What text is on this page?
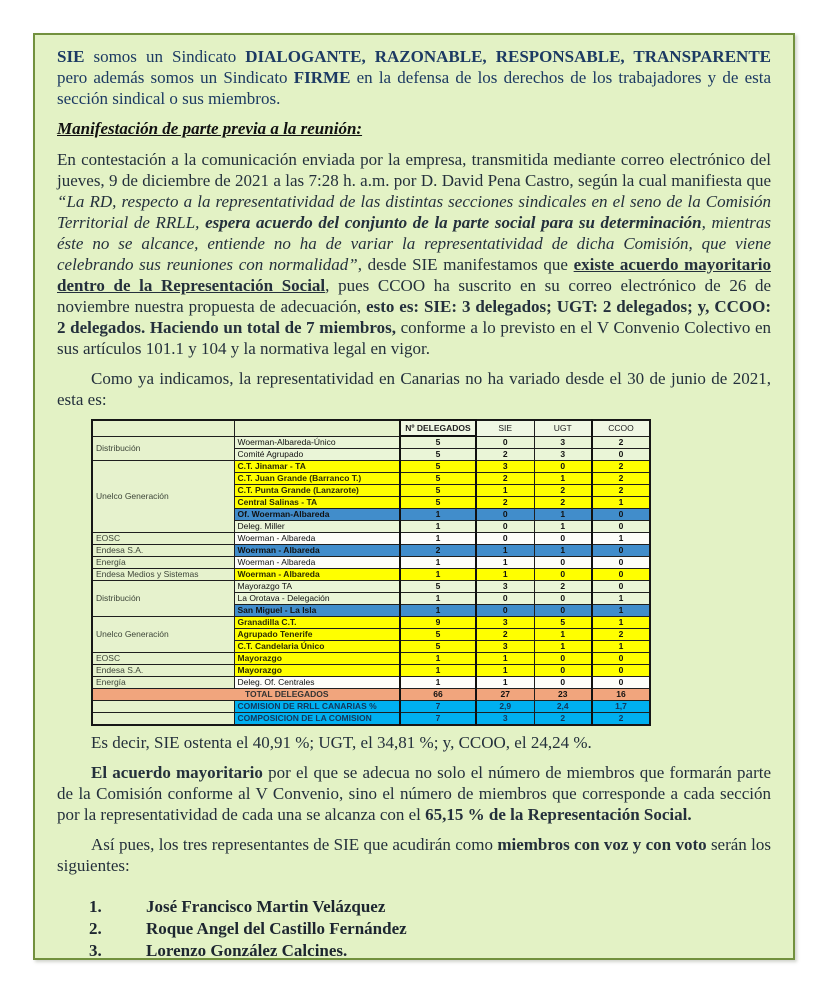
SIE somos un Sindicato DIALOGANTE, RAZONABLE, RESPONSABLE, TRANSPARENTE pero además somos un Sindicato FIRME en la defensa de los derechos de los trabajadores y de esta sección sindical o sus miembros.

Manifestación de parte previa a la reunión:

En contestación a la comunicación enviada por la empresa, transmitida mediante correo electrónico del jueves, 9 de diciembre de 2021 a las 7:28 h. a.m. por D. David Pena Castro, según la cual manifiesta que “La RD, respecto a la representatividad de las distintas secciones sindicales en el seno de la Comisión Territorial de RRLL, espera acuerdo del conjunto de la parte social para su determinación, mientras éste no se alcance, entiende no ha de variar la representatividad de dicha Comisión, que viene celebrando sus reuniones con normalidad”, desde SIE manifestamos que existe acuerdo mayoritario dentro de la Representación Social, pues CCOO ha suscrito en su correo electrónico de 26 de noviembre nuestra propuesta de adecuación, esto es: SIE: 3 delegados; UGT: 2 delegados; y, CCOO: 2 delegados. Haciendo un total de 7 miembros, conforme a lo previsto en el V Convenio Colectivo en sus artículos 101.1 y 104 y la normativa legal en vigor.

Como ya indicamos, la representatividad en Canarias no ha variado desde el 30 de junio de 2021, esta es:

		Nº DELEGADOS	SIE	UGT	CCOO
Distribución	Woerman-Albareda-Único	5	0	3	2
	Comité Agrupado	5	2	3	0
Unelco Generación	C.T. Jinamar - TA	5	3	0	2
	C.T. Juan Grande (Barranco T.)	5	2	1	2
	C.T. Punta Grande (Lanzarote)	5	1	2	2
	Central Salinas - TA	5	2	2	1
	Of. Woerman-Albareda	1	0	1	0
	Deleg. Miller	1	0	1	0
EOSC	Woerman - Albareda	1	0	0	1
Endesa S.A.	Woerman - Albareda	2	1	1	0
Energía	Woerman - Albareda	1	1	0	0
Endesa Medios y Sistemas	Woerman - Albareda	1	1	0	0
Distribución	Mayorazgo TA	5	3	2	0
	La Orotava - Delegación	1	0	0	1
	San Miguel - La Isla	1	0	0	1
Unelco Generación	Granadilla C.T.	9	3	5	1
	Agrupado Tenerife	5	2	1	2
	C.T. Candelaria Único	5	3	1	1
EOSC	Mayorazgo	1	1	0	0
Endesa S.A.	Mayorazgo	1	1	0	0
Energía	Deleg. Of. Centrales	1	1	0	0
TOTAL DELEGADOS		66	27	23	16
	COMISION DE RRLL CANARIAS %	7	2,9	2,4	1,7
	COMPOSICION DE LA COMISION	7	3	2	2

Es decir, SIE ostenta el 40,91 %; UGT, el 34,81 %; y, CCOO, el 24,24 %.

El acuerdo mayoritario por el que se adecua no solo el número de miembros que formarán parte de la Comisión conforme al V Convenio, sino el número de miembros que corresponde a cada sección por la representatividad de cada una se alcanza con el 65,15 % de la Representación Social.

Así pues, los tres representantes de SIE que acudirán como miembros con voz y con voto serán los siguientes:

1.	José Francisco Martin Velázquez
2.	Roque Angel del Castillo Fernández
3.	Lorenzo González Calcines.
